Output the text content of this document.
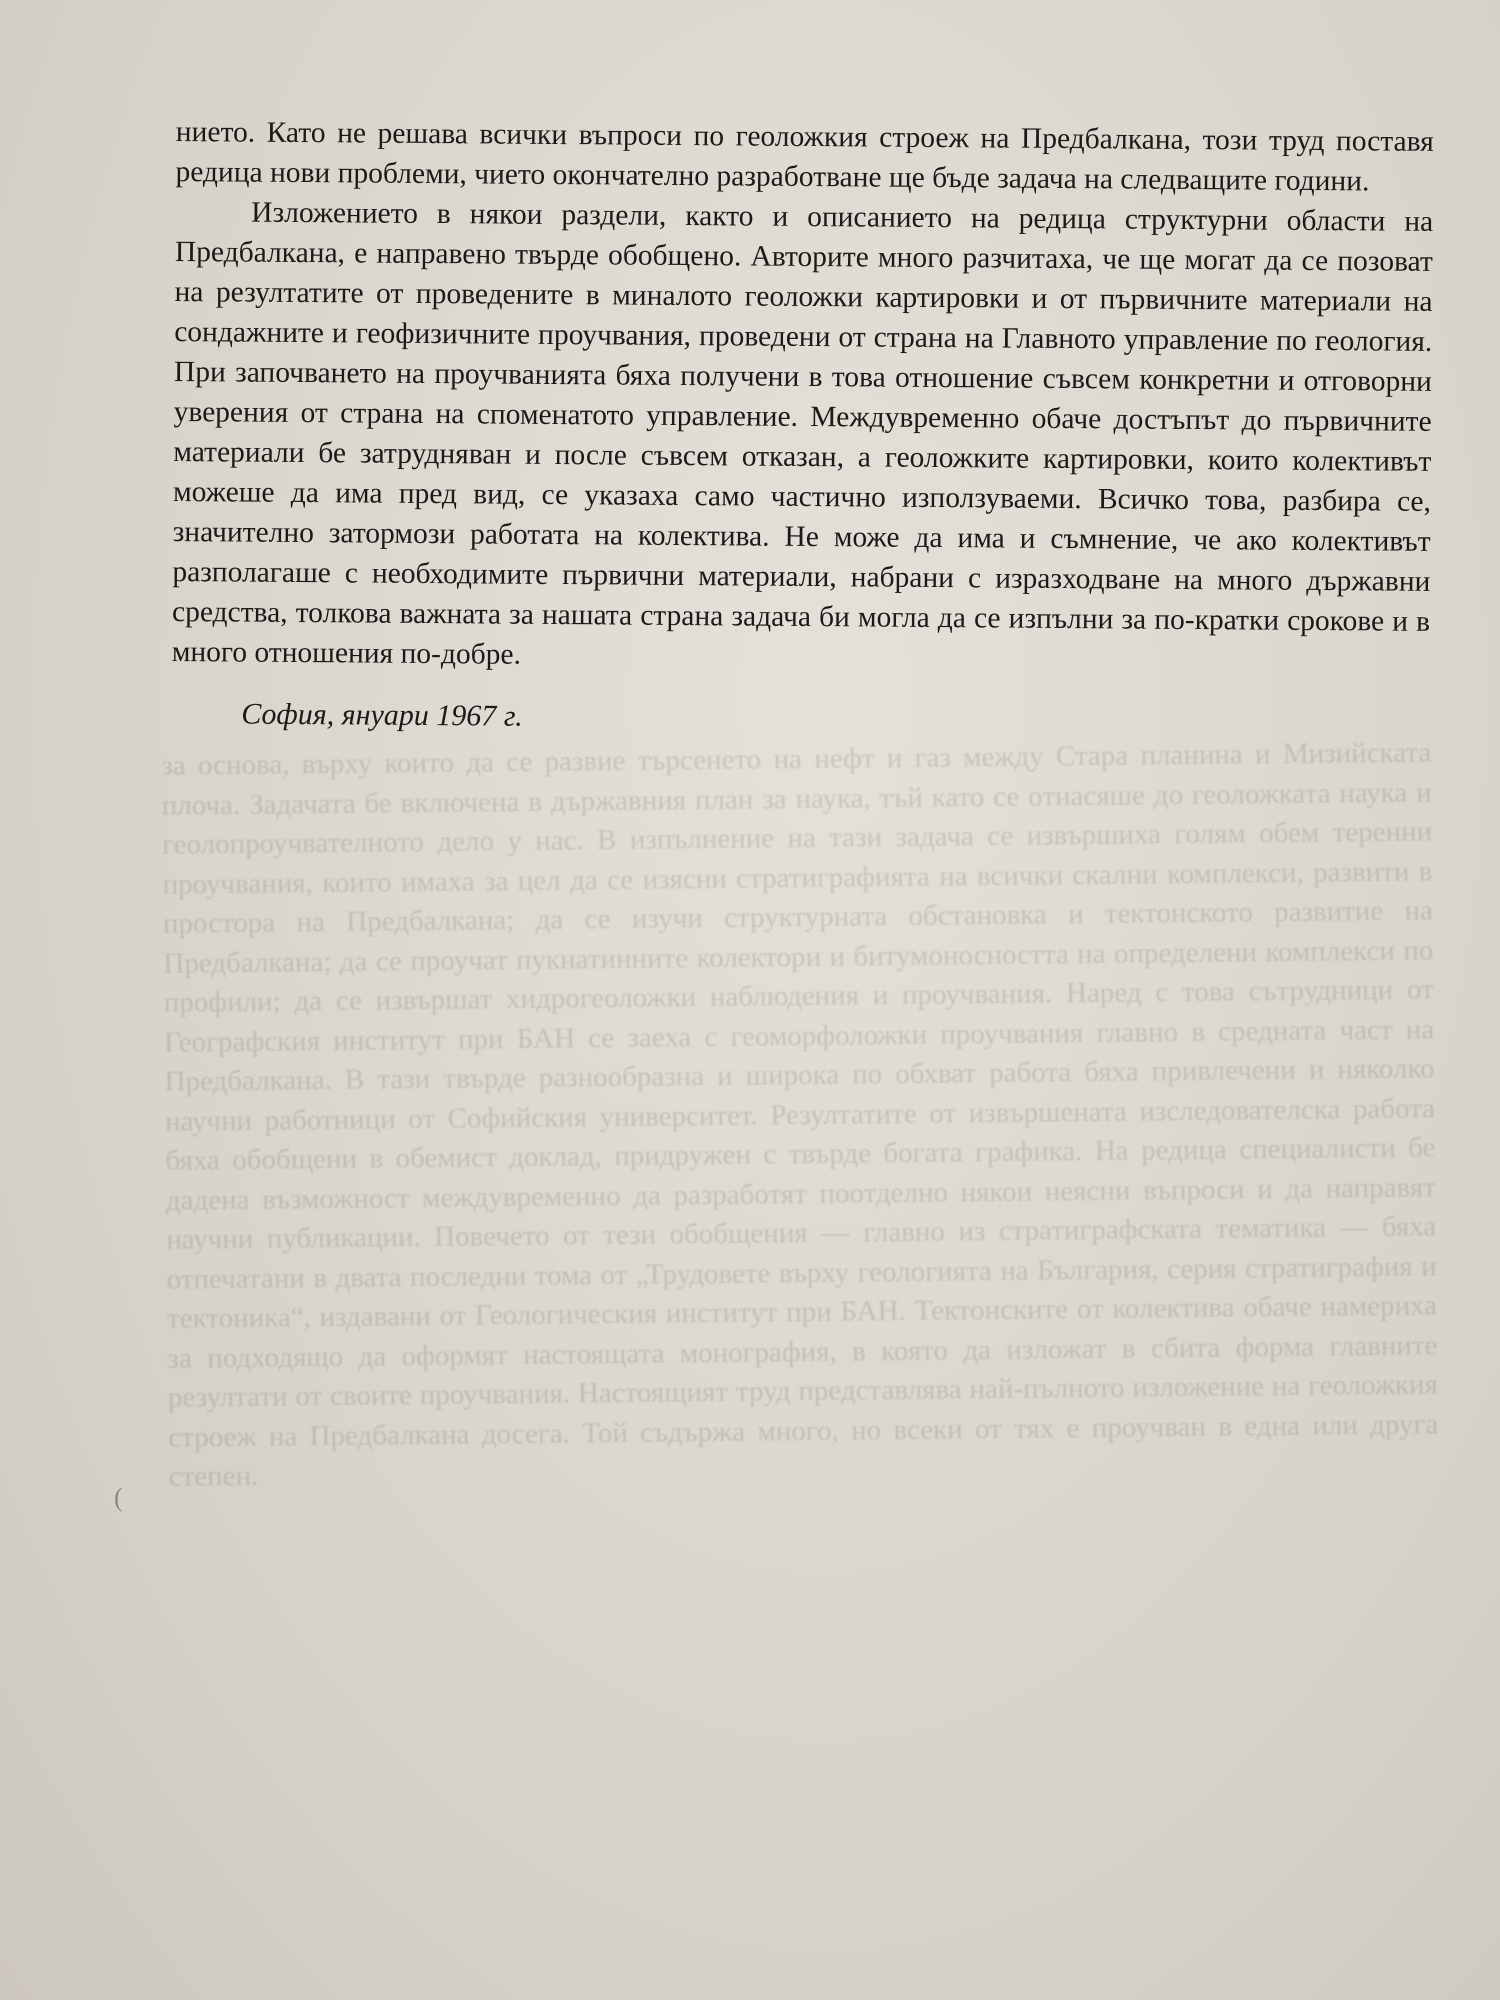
за основа, върху които да се развие търсенето на нефт и газ между Стара планина и Мизийската плоча. Задачата бе включена в държавния план за наука, тъй като се отнасяше до геоложката наука и геолопроучвателното дело у нас. В изпълнение на тази задача се извършиха голям обем теренни проучвания, които имаха за цел да се изясни стратиграфията на всички скални комплекси, развити в простора на Предбалкана; да се изучи структурната обстановка и тектонското развитие на Предбалкана; да се проучат пукнатинните колектори и битумоносността на определени комплекси по профили; да се извършат хидрогеоложки наблюдения и проучвания. Наред с това сътрудници от Географския институт при БАН се заеха с геоморфоложки проучвания главно в средната част на Предбалкана. В тази твърде разнообразна и широка по обхват работа бяха привлечени и няколко научни работници от Софийския университет. Резултатите от извършената изследователска работа бяха обобщени в обемист доклад, придружен с твърде богата графика. На редица специалисти бе дадена възможност междувременно да разработят поотделно някои неясни въпроси и да направят научни публикации. Повечето от тези обобщения — главно из стратиграфската тематика — бяха отпечатани в двата последни тома от „Трудовете върху геологията на България, серия стратиграфия и тектоника“, издавани от Геологическия институт при БАН. Тектонските от колектива обаче намериха за подходящо да оформят настоящата монография, в която да изложат в сбита форма главните резултати от своите проучвания. Настоящият труд представлява най-пълното изложение на геоложкия строеж на Предбалкана досега. Той съдържа много, но всеки от тях е проучван в една или друга степен.

нието. Като не решава всички въпроси по геоложкия строеж на Предбалкана, този труд поставя редица нови проблеми, чието окончателно разработване ще бъде задача на следващите години.

Изложението в някои раздели, както и описанието на редица структурни области на Предбалкана, е направено твърде обобщено. Авторите много разчитаха, че ще могат да се позоват на резултатите от проведените в миналото геоложки картировки и от първичните материали на сондажните и геофизичните проучвания, проведени от страна на Главното управление по геология. При започването на проучванията бяха получени в това отношение съвсем конкретни и отговорни уверения от страна на споменатото управление. Междувременно обаче достъпът до първичните материали бе затрудняван и после съвсем отказан, а геоложките картировки, които колективът можеше да има пред вид, се указаха само частично използуваеми. Всичко това, разбира се, значително затормози работата на колектива. Не може да има и съмнение, че ако колективът разполагаше с необходимите първични материали, набрани с изразходване на много държавни средства, толкова важната за нашата страна задача би могла да се изпълни за по-кратки срокове и в много отношения по-добре.

София, януари 1967 г.
(
